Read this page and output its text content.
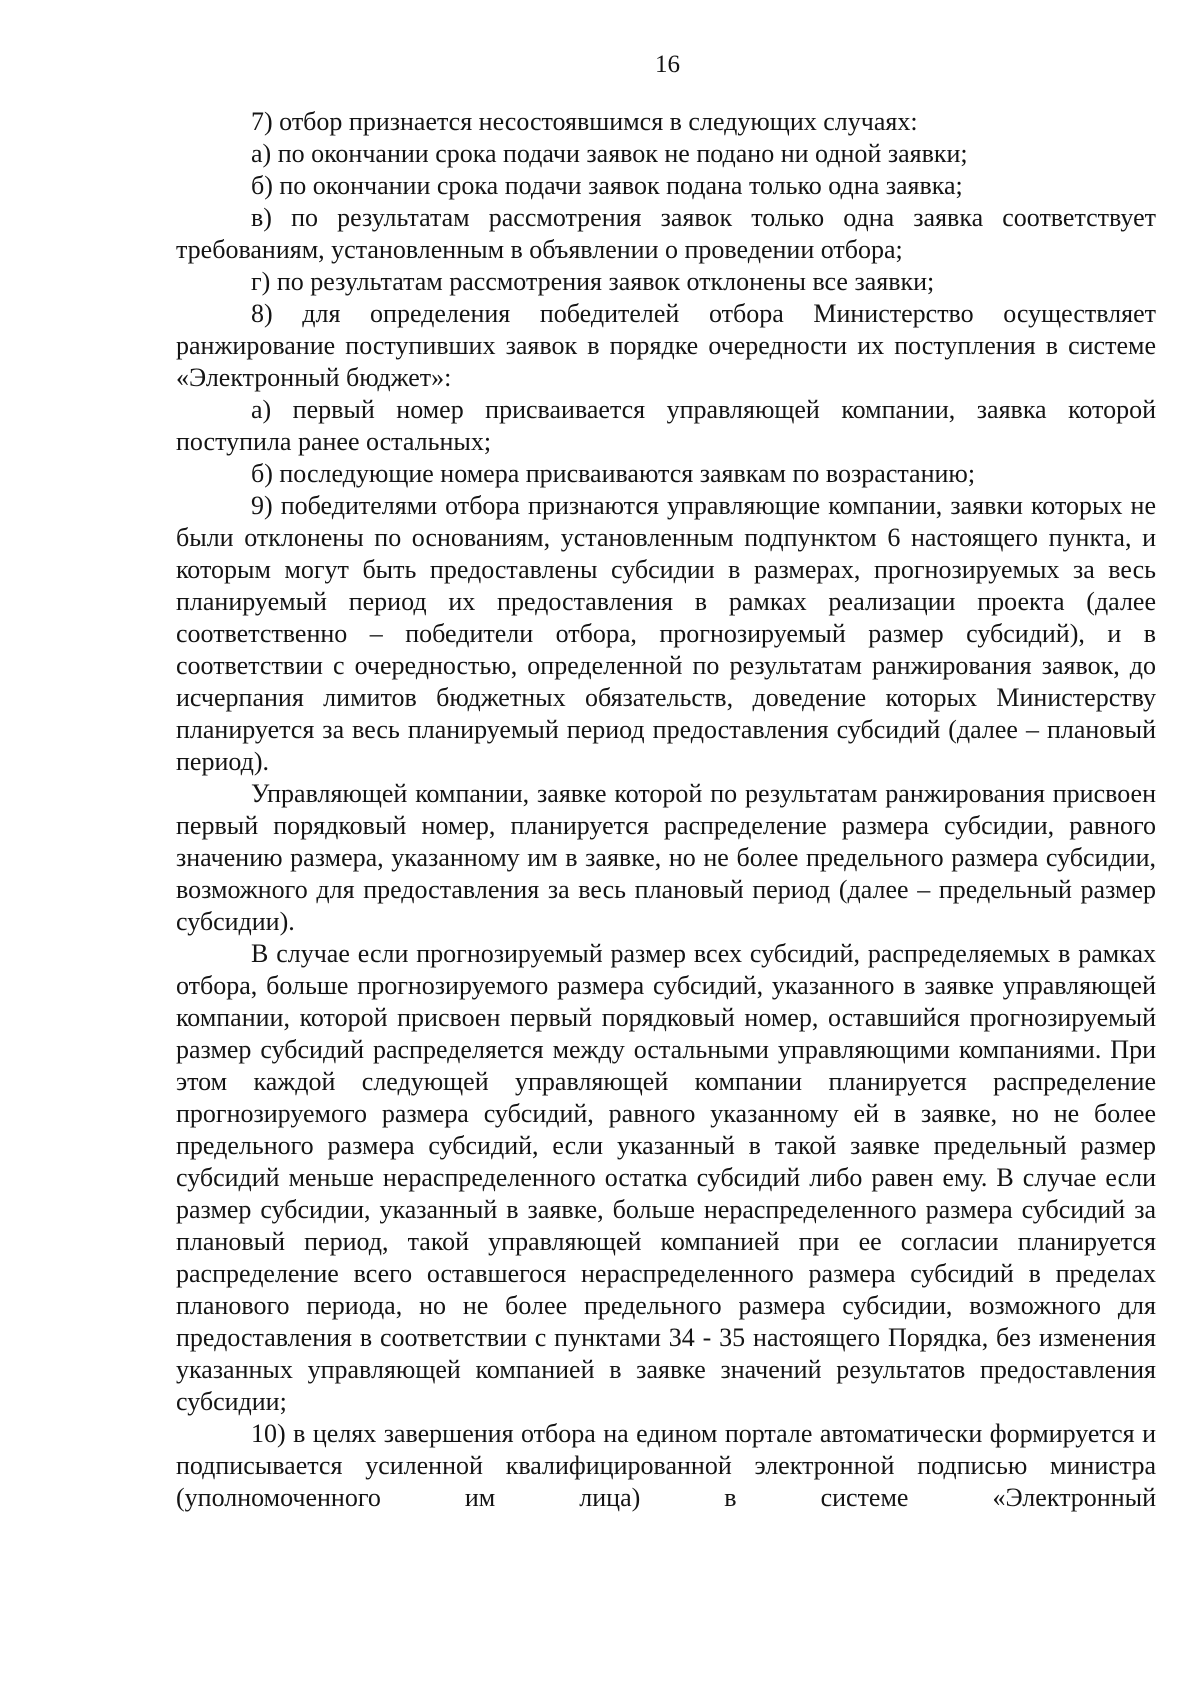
16

7) отбор признается несостоявшимся в следующих случаях:

а) по окончании срока подачи заявок не подано ни одной заявки;

б) по окончании срока подачи заявок подана только одна заявка;

в) по результатам рассмотрения заявок только одна заявка соответствует требованиям, установленным в объявлении о проведении отбора;

г) по результатам рассмотрения заявок отклонены все заявки;

8) для определения победителей отбора Министерство осуществляет ранжирование поступивших заявок в порядке очередности их поступления в системе «Электронный бюджет»:

а) первый номер присваивается управляющей компании, заявка которой поступила ранее остальных;

б) последующие номера присваиваются заявкам по возрастанию;

9) победителями отбора признаются управляющие компании, заявки которых не были отклонены по основаниям, установленным подпунктом 6 настоящего пункта, и которым могут быть предоставлены субсидии в размерах, прогнозируемых за весь планируемый период их предоставления в рамках реализации проекта (далее соответственно – победители отбора, прогнозируемый размер субсидий), и в соответствии с очередностью, определенной по результатам ранжирования заявок, до исчерпания лимитов бюджетных обязательств, доведение которых Министерству планируется за весь планируемый период предоставления субсидий (далее – плановый период).

Управляющей компании, заявке которой по результатам ранжирования присвоен первый порядковый номер, планируется распределение размера субсидии, равного значению размера, указанному им в заявке, но не более предельного размера субсидии, возможного для предоставления за весь плановый период (далее – предельный размер субсидии).

В случае если прогнозируемый размер всех субсидий, распределяемых в рамках отбора, больше прогнозируемого размера субсидий, указанного в заявке управляющей компании, которой присвоен первый порядковый номер, оставшийся прогнозируемый размер субсидий распределяется между остальными управляющими компаниями. При этом каждой следующей управляющей компании планируется распределение прогнозируемого размера субсидий, равного указанному ей в заявке, но не более предельного размера субсидий, если указанный в такой заявке предельный размер субсидий меньше нераспределенного остатка субсидий либо равен ему. В случае если размер субсидии, указанный в заявке, больше нераспределенного размера субсидий за плановый период, такой управляющей компанией при ее согласии планируется распределение всего оставшегося нераспределенного размера субсидий в пределах планового периода, но не более предельного размера субсидии, возможного для предоставления в соответствии с пунктами 34 - 35 настоящего Порядка, без изменения указанных управляющей компанией в заявке значений результатов предоставления субсидии;

10) в целях завершения отбора на едином портале автоматически формируется и подписывается усиленной квалифицированной электронной подписью министра (уполномоченного им лица) в системе «Электронный
